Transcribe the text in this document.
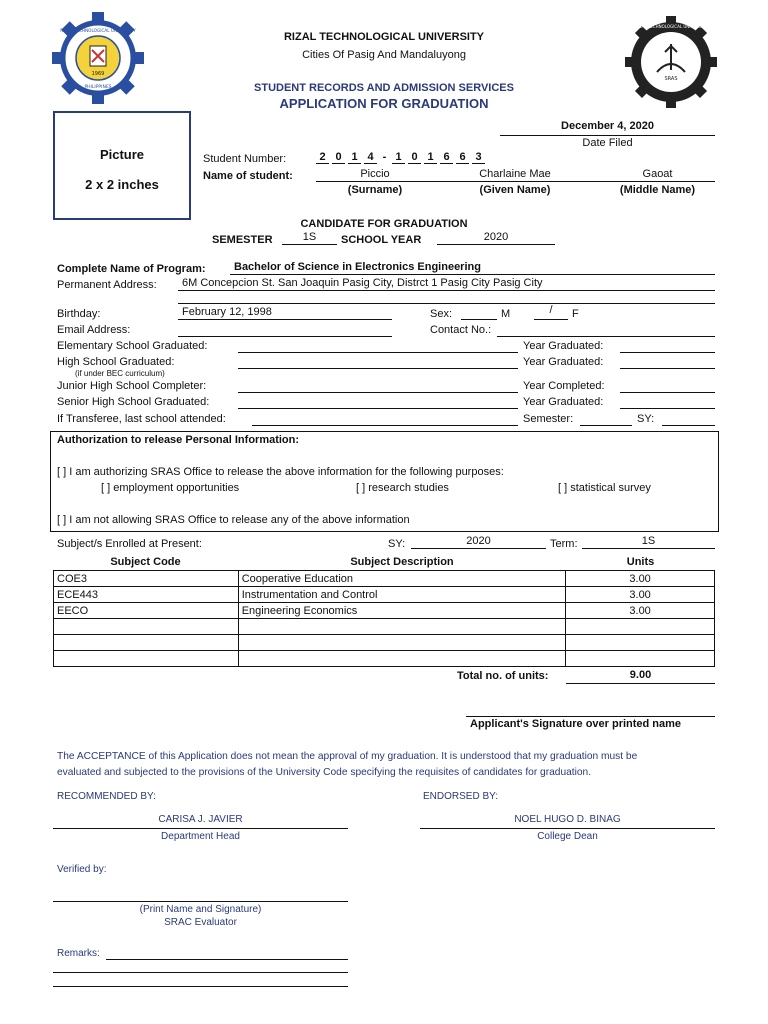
1969
RIZAL TECHNOLOGICAL UNIVERSITY
PHILIPPINES
SRAS
RIZAL TECHNOLOGICAL UNIVERSITY
RIZAL TECHNOLOGICAL UNIVERSITY
Cities Of Pasig And Mandaluyong
STUDENT RECORDS AND ADMISSION SERVICES
APPLICATION FOR GRADUATION
Picture
2 x 2 inches
December 4, 2020
Date Filed
Student Number:	2 0 1 4 - 1 0 1 6 6 3
Name of student:	Piccio	Charlaine Mae	Gaoat
(Surname)	(Given Name)	(Middle Name)
CANDIDATE FOR GRADUATION
SEMESTER	1S	SCHOOL YEAR	2020
Complete Name of Program:	Bachelor of Science in Electronics Engineering
Permanent Address: 6M Concepcion St. San Joaquin Pasig City, Distrct 1 Pasig City Pasig City
Birthday:	February 12, 1998	Sex:	M	/	F
Email Address:	Contact No.:
Elementary School Graduated:	Year Graduated:
High School Graduated:
(if under BEC curriculum)
Year Graduated:
Junior High School Completer:	Year Completed:
Senior High School Graduated:	Year Graduated:
If Transferee, last school attended:	Semester:	SY:
Authorization to release Personal Information:
[ ] I am authorizing SRAS Office to release the above information for the following purposes:
[ ] employment opportunities	[ ] research studies	[ ] statistical survey
[ ] I am not allowing SRAS Office to release any of the above information
Subject/s Enrolled at Present:	SY:	2020	Term:	1S
Subject Code	Subject Description	Units
COE3	Cooperative Education	3.00
ECE443	Instrumentation and Control	3.00
EECO	Engineering Economics	3.00

Total no. of units:	9.00
Applicant's Signature over printed name
The ACCEPTANCE of this Application does not mean the approval of my graduation. It is understood that my graduation must be
evaluated and subjected to the provisions of the University Code specifying the requisites of candidates for graduation.
RECOMMENDED BY:
CARISA J. JAVIER
Department Head
ENDORSED BY:
NOEL HUGO D. BINAG
College Dean
Verified by:
(Print Name and Signature)
SRAC Evaluator
Remarks:
